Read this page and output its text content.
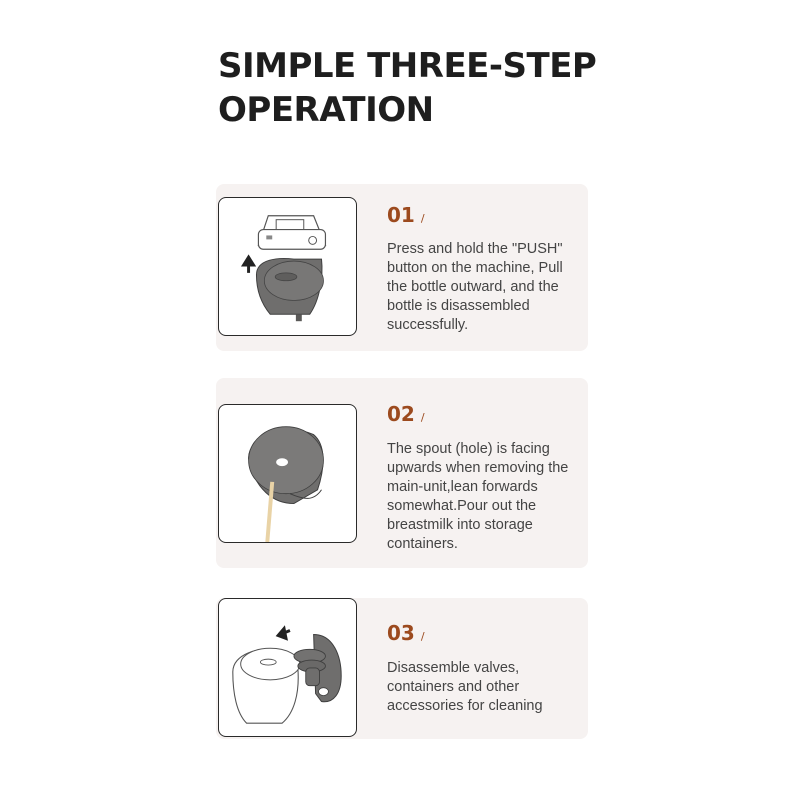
SIMPLE THREE-STEP
OPERATION
01 /
Press and hold the "PUSH" button on the machine, Pull the bottle outward, and the bottle is disassembled successfully.
02 /
The spout (hole) is facing upwards when removing the main-unit,lean forwards somewhat.Pour out the breastmilk into storage containers.
03 /
Disassemble valves, containers and other accessories for cleaning
